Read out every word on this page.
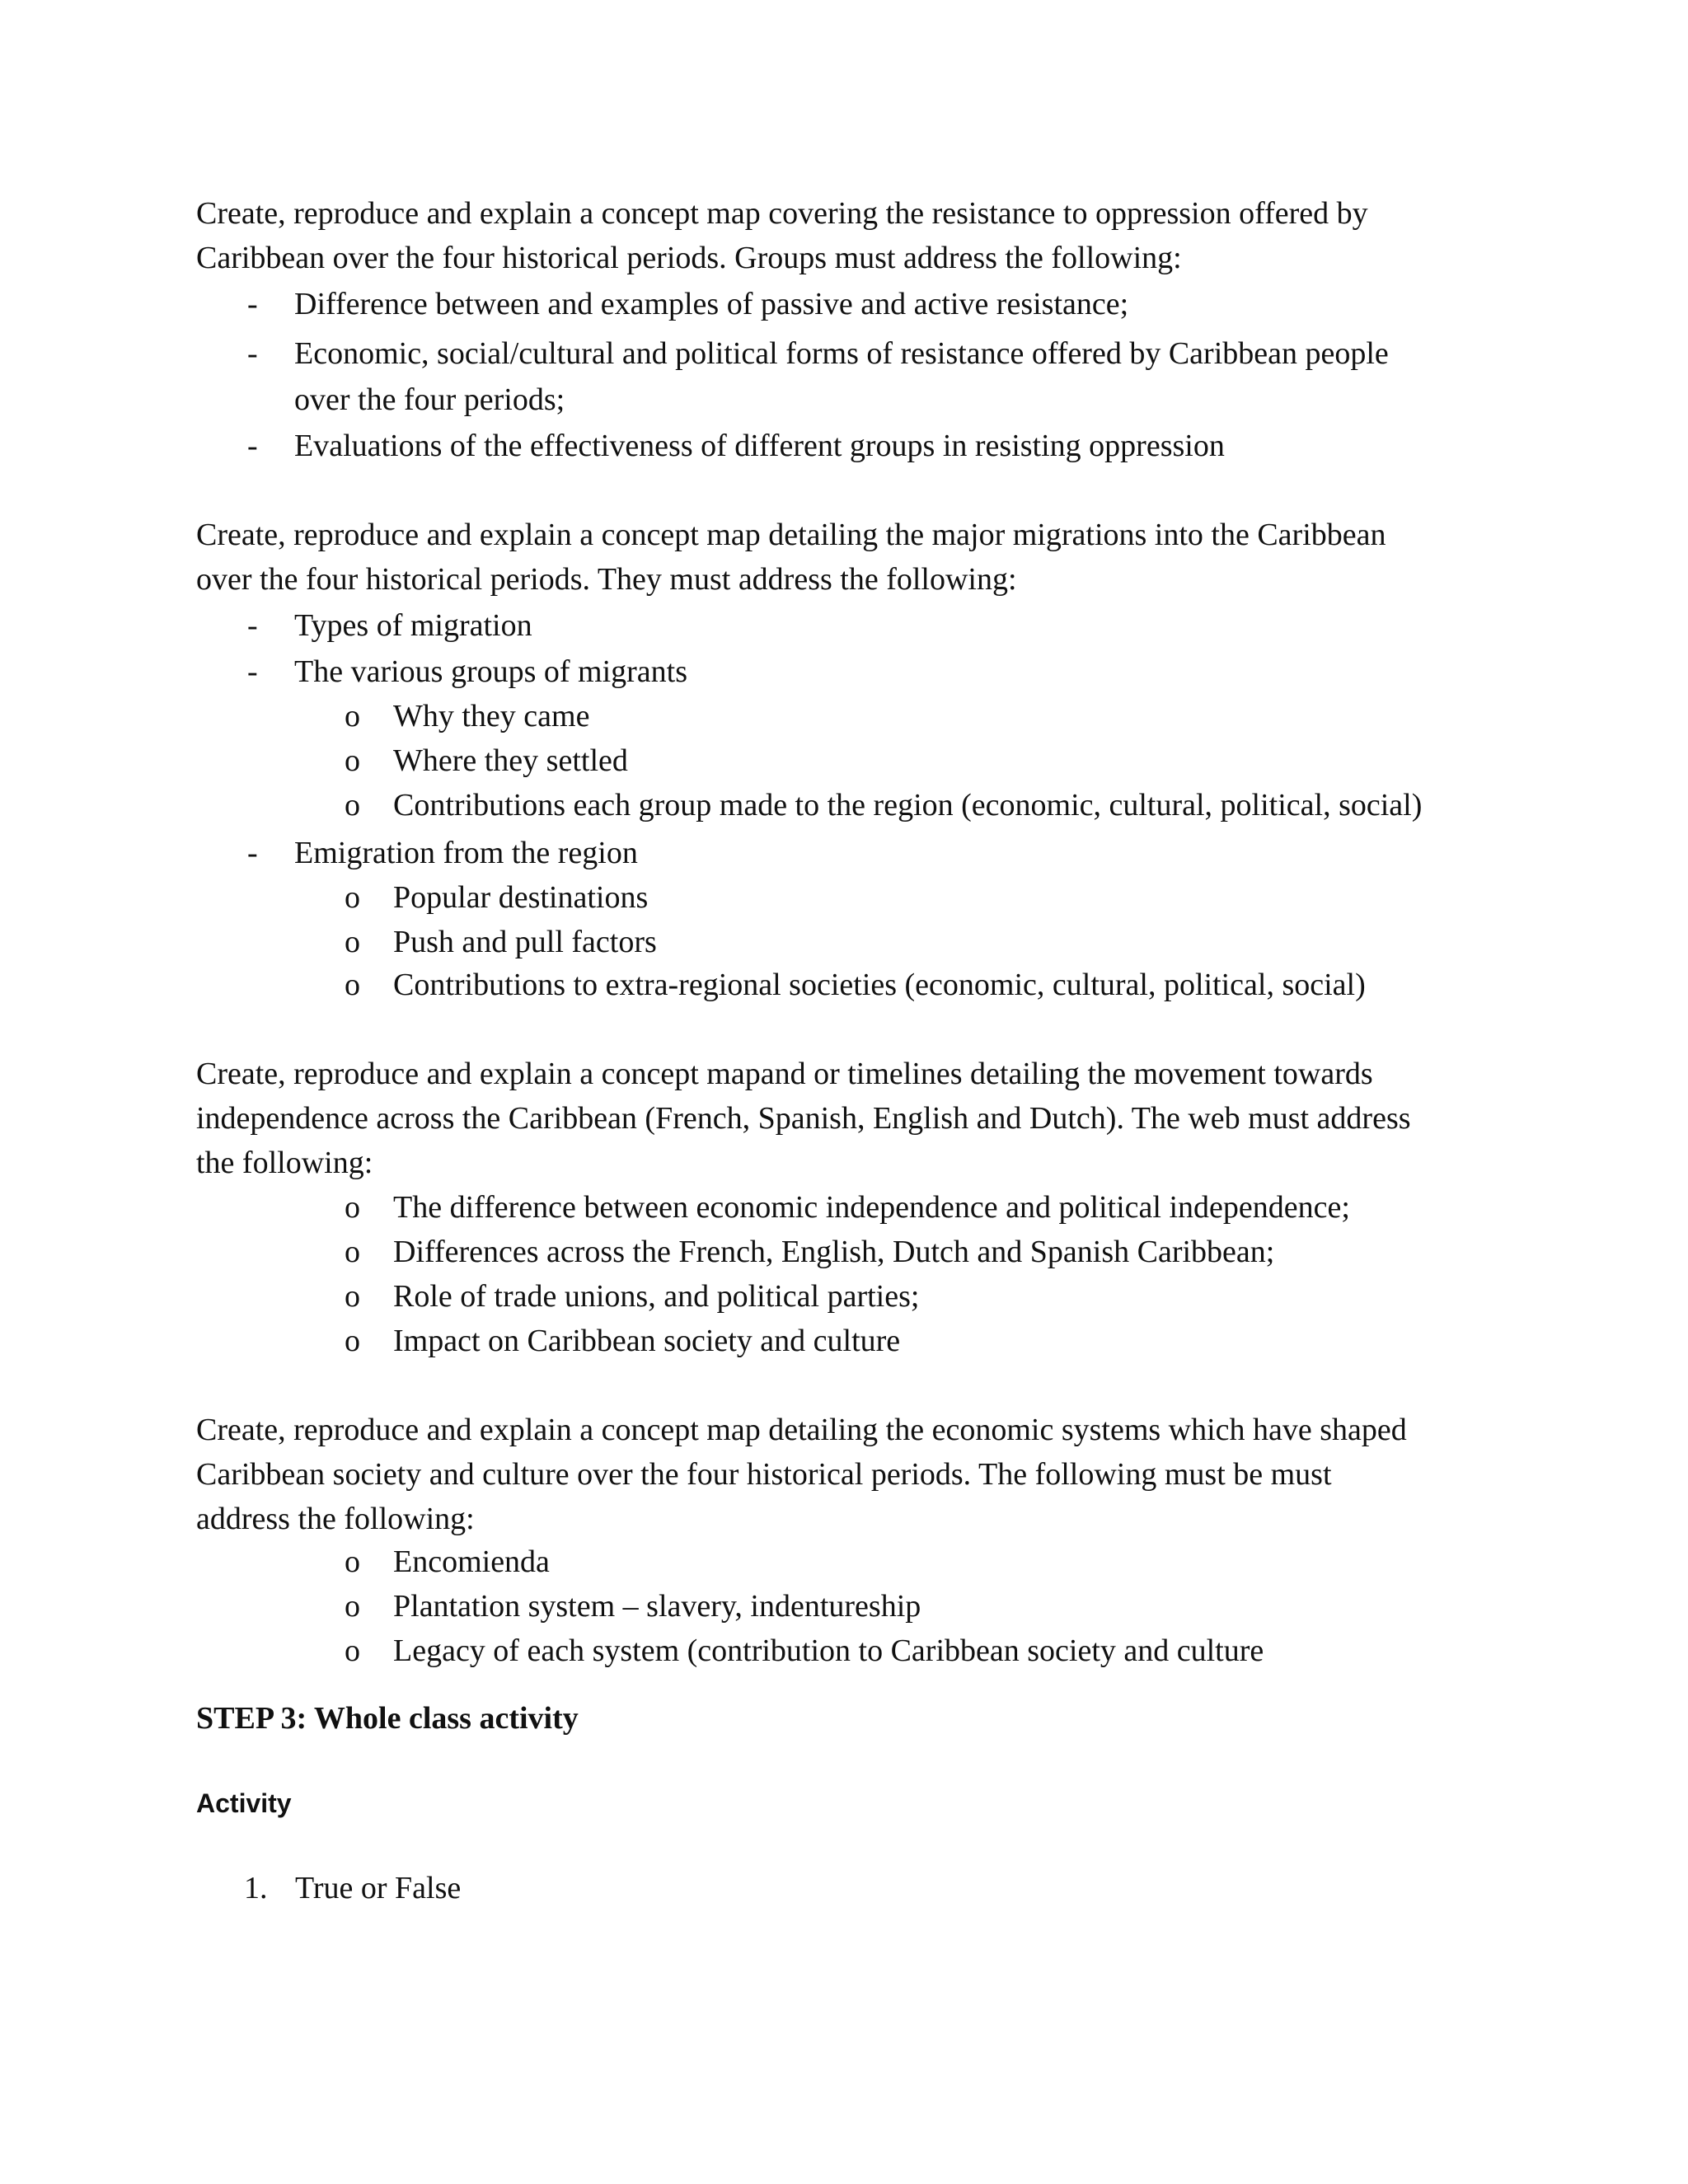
Create, reproduce and explain a concept map covering the resistance to oppression offered by
Caribbean over the four historical periods. Groups must address the following:
-	Difference between and examples of passive and active resistance;
-	Economic, social/cultural and political forms of resistance offered by Caribbean people
over the four periods;
-	Evaluations of the effectiveness of different groups in resisting oppression
Create, reproduce and explain a concept map detailing the major migrations into the Caribbean
over the four historical periods. They must address the following:
-	Types of migration
-	The various groups of migrants
o Why they came
o Where they settled
o Contributions each group made to the region (economic, cultural, political, social)
-	Emigration from the region
o Popular destinations
o Push and pull factors
o Contributions to extra-regional societies (economic, cultural, political, social)
Create, reproduce and explain a concept mapand or timelines detailing the movement towards
independence across the Caribbean (French, Spanish, English and Dutch). The web must address
the following:
o The difference between economic independence and political independence;
o Differences across the French, English, Dutch and Spanish Caribbean;
o Role of trade unions, and political parties;
o Impact on Caribbean society and culture
Create, reproduce and explain a concept map detailing the economic systems which have shaped
Caribbean society and culture over the four historical periods. The following must be must
address the following:
o Encomienda
o Plantation system – slavery, indentureship
o Legacy of each system (contribution to Caribbean society and culture
STEP 3: Whole class activity
Activity
1. True or False
